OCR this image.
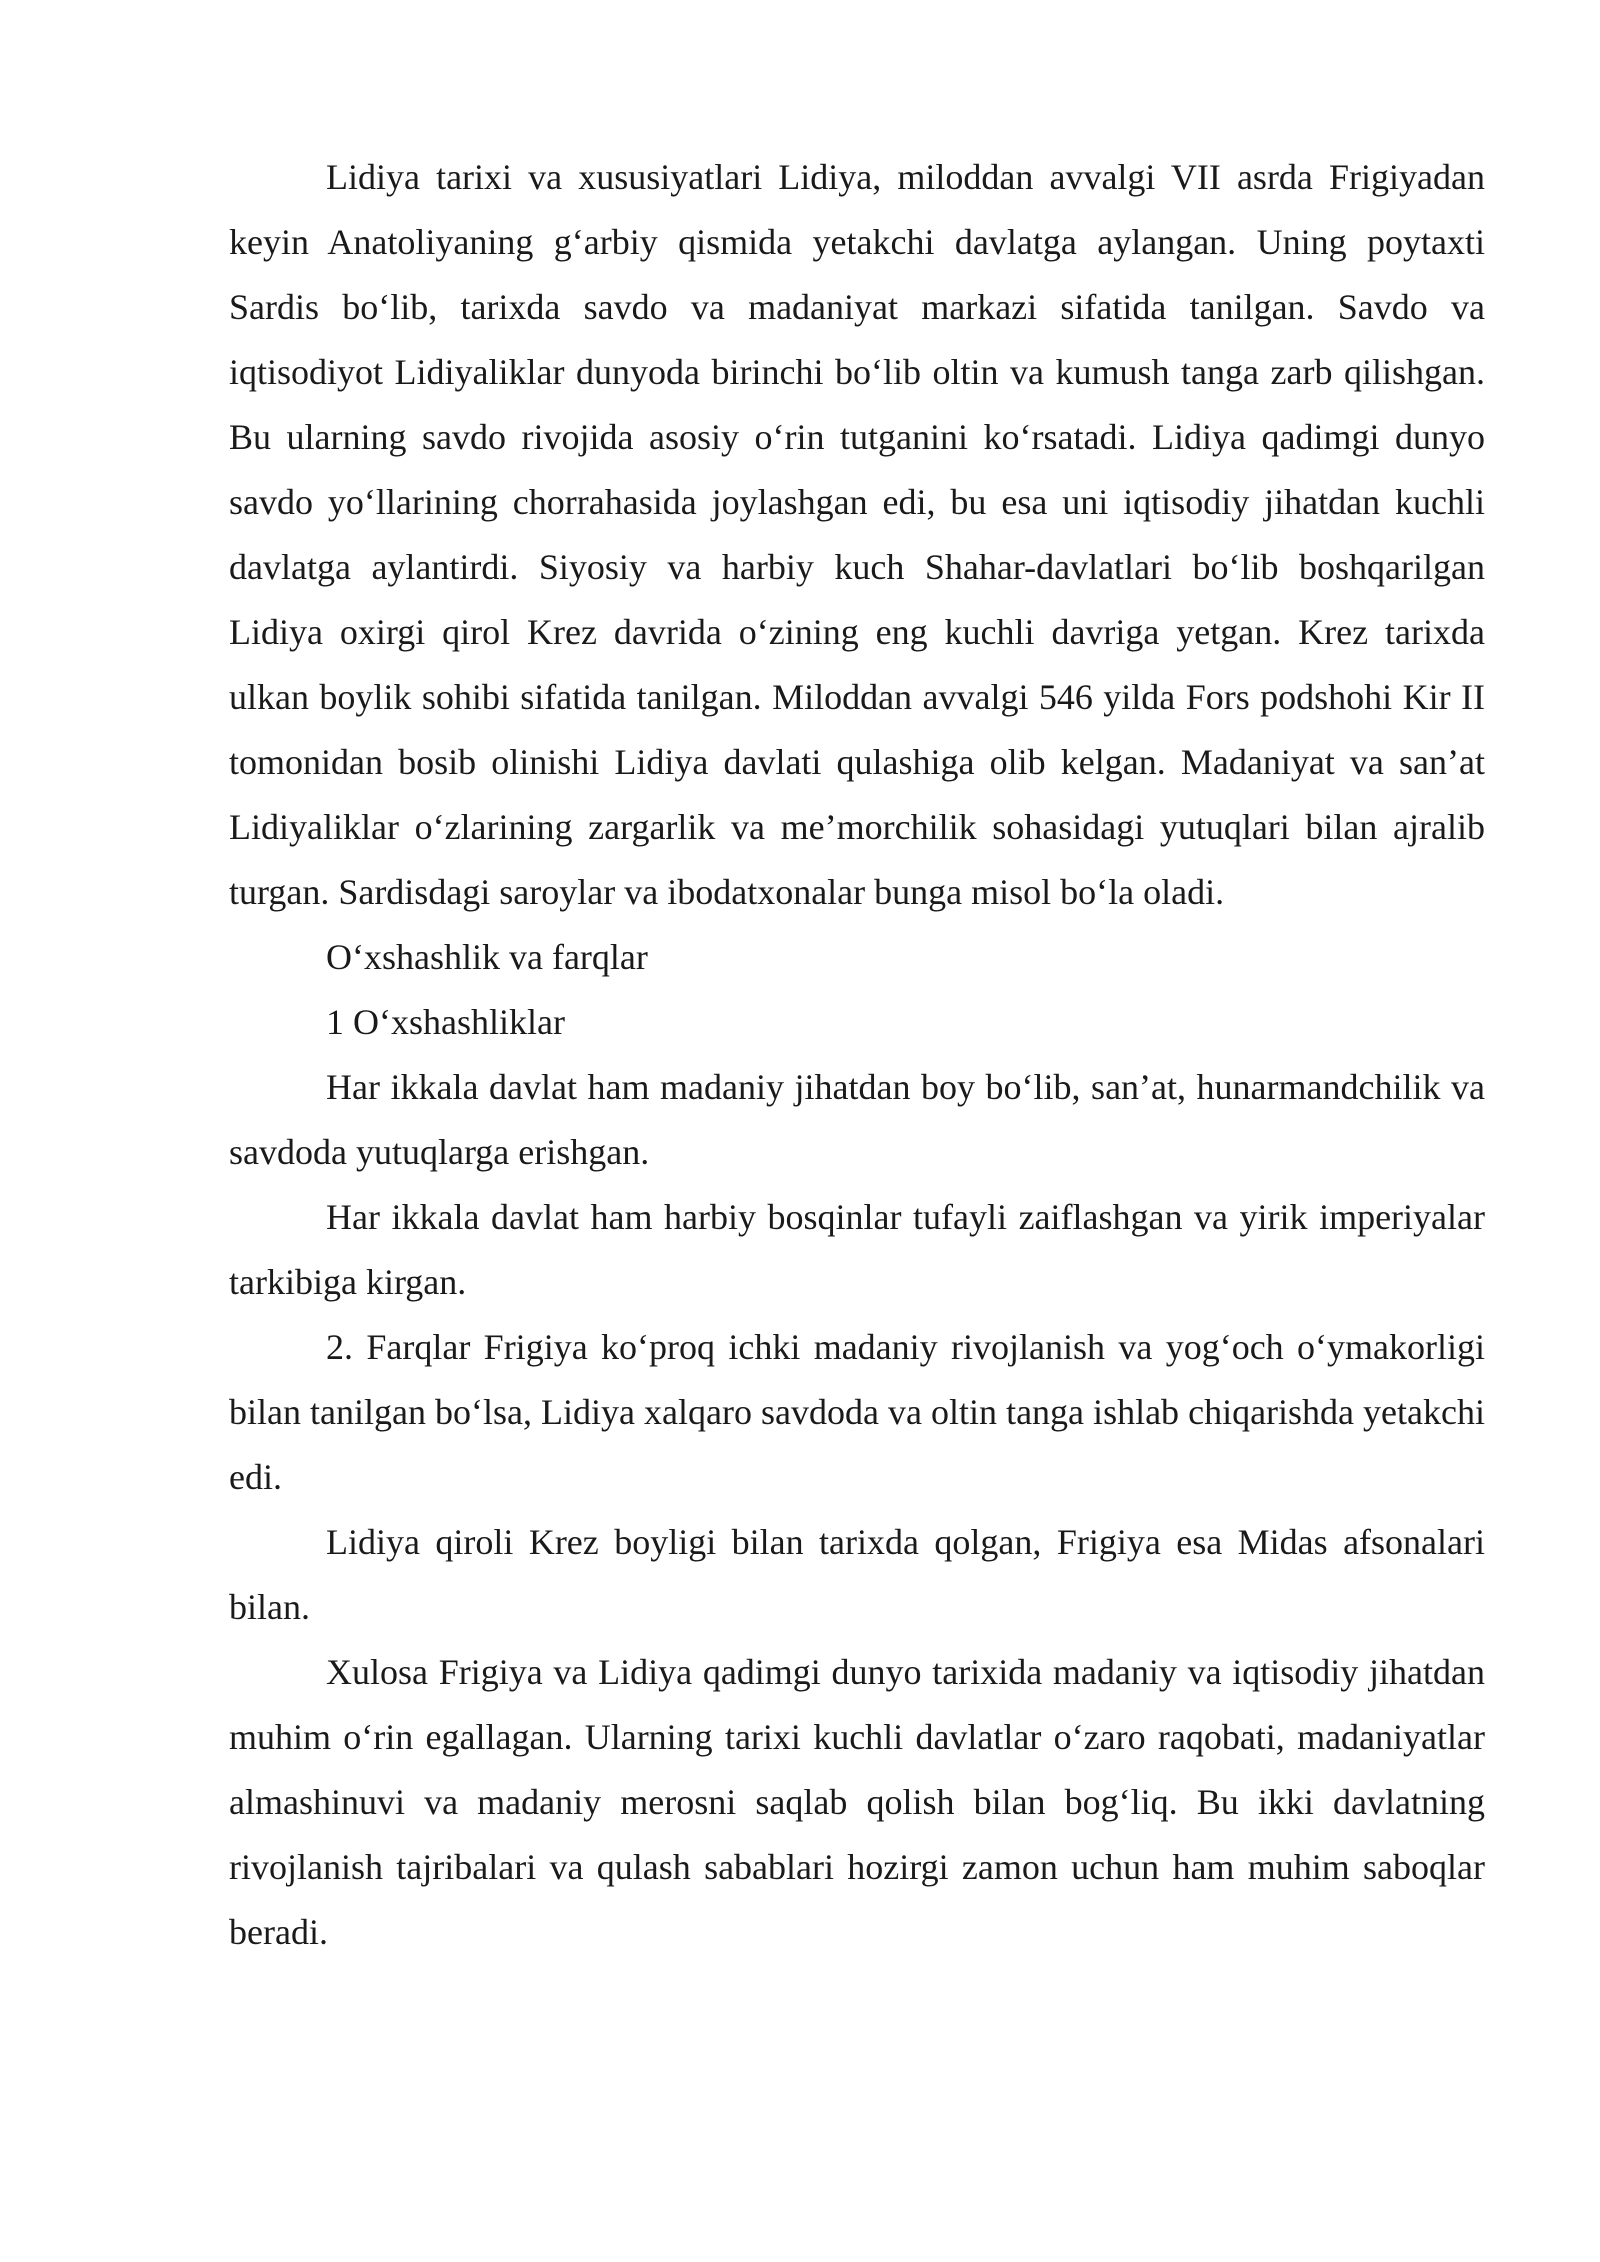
Lidiya tarixi va xususiyatlari Lidiya, miloddan avvalgi VII asrda Frigiyadan keyin Anatoliyaning g‘arbiy qismida yetakchi davlatga aylangan. Uning poytaxti Sardis bo‘lib, tarixda savdo va madaniyat markazi sifatida tanilgan. Savdo va iqtisodiyot Lidiyaliklar dunyoda birinchi bo‘lib oltin va kumush tanga zarb qilishgan. Bu ularning savdo rivojida asosiy o‘rin tutganini ko‘rsatadi. Lidiya qadimgi dunyo savdo yo‘llarining chorrahasida joylashgan edi, bu esa uni iqtisodiy jihatdan kuchli davlatga aylantirdi. Siyosiy va harbiy kuch Shahar-davlatlari bo‘lib boshqarilgan Lidiya oxirgi qirol Krez davrida o‘zining eng kuchli davriga yetgan. Krez tarixda ulkan boylik sohibi sifatida tanilgan. Miloddan avvalgi 546 yilda Fors podshohi Kir II tomonidan bosib olinishi Lidiya davlati qulashiga olib kelgan. Madaniyat va san’at Lidiyaliklar o‘zlarining zargarlik va me’morchilik sohasidagi yutuqlari bilan ajralib turgan. Sardisdagi saroylar va ibodatxonalar bunga misol bo‘la oladi.

O‘xshashlik va farqlar

1 O‘xshashliklar

Har ikkala davlat ham madaniy jihatdan boy bo‘lib, san’at, hunarmandchilik va savdoda yutuqlarga erishgan.

Har ikkala davlat ham harbiy bosqinlar tufayli zaiflashgan va yirik imperiyalar tarkibiga kirgan.

2. Farqlar Frigiya ko‘proq ichki madaniy rivojlanish va yog‘och o‘ymakorligi bilan tanilgan bo‘lsa, Lidiya xalqaro savdoda va oltin tanga ishlab chiqarishda yetakchi edi.

Lidiya qiroli Krez boyligi bilan tarixda qolgan, Frigiya esa Midas afsonalari bilan.

Xulosa Frigiya va Lidiya qadimgi dunyo tarixida madaniy va iqtisodiy jihatdan muhim o‘rin egallagan. Ularning tarixi kuchli davlatlar o‘zaro raqobati, madaniyatlar almashinuvi va madaniy merosni saqlab qolish bilan bog‘liq. Bu ikki davlatning rivojlanish tajribalari va qulash sabablari hozirgi zamon uchun ham muhim saboqlar beradi.
